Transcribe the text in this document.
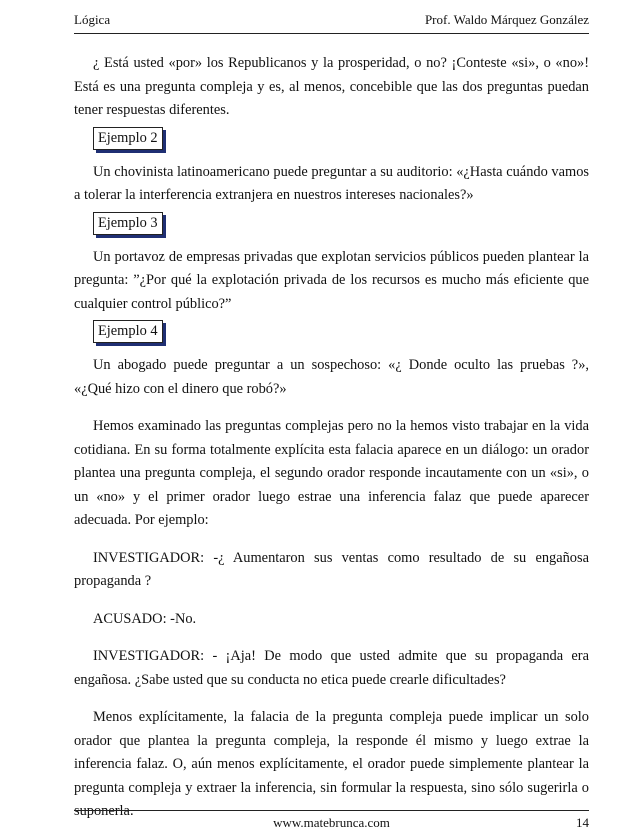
Lógica	Prof. Waldo Márquez González

¿ Está usted «por» los Republicanos y la prosperidad, o no? ¡Conteste «si», o «no»! Está es una pregunta compleja y es, al menos, concebible que las dos preguntas puedan tener respuestas diferentes.

Ejemplo 2

Un chovinista latinoamericano puede preguntar a su auditorio: «¿Hasta cuándo vamos a tolerar la interferencia extranjera en nuestros intereses nacionales?»

Ejemplo 3

Un portavoz de empresas privadas que explotan servicios públicos pueden plantear la pregunta: ”¿Por qué la explotación privada de los recursos es mucho más eficiente que cualquier control público?”

Ejemplo 4

Un abogado puede preguntar a un sospechoso: «¿ Donde oculto las pruebas ?», «¿Qué hizo con el dinero que robó?»

Hemos examinado las preguntas complejas pero no la hemos visto trabajar en la vida cotidiana. En su forma totalmente explícita esta falacia aparece en un diálogo: un orador plantea una pregunta compleja, el segundo orador responde incautamente con un «si», o un «no» y el primer orador luego estrae una inferencia falaz que puede aparecer adecuada. Por ejemplo:

INVESTIGADOR: -¿ Aumentaron sus ventas como resultado de su engañosa propaganda ?

ACUSADO: -No.

INVESTIGADOR: - ¡Aja! De modo que usted admite que su propaganda era engañosa. ¿Sabe usted que su conducta no etica puede crearle dificultades?

Menos explícitamente, la falacia de la pregunta compleja puede implicar un solo orador que plantea la pregunta compleja, la responde él mismo y luego extrae la inferencia falaz. O, aún menos explícitamente, el orador puede simplemente plantear la pregunta compleja y extraer la inferencia, sin formular la respuesta, sino sólo sugerirla o suponerla.

www.matebrunca.com	14
